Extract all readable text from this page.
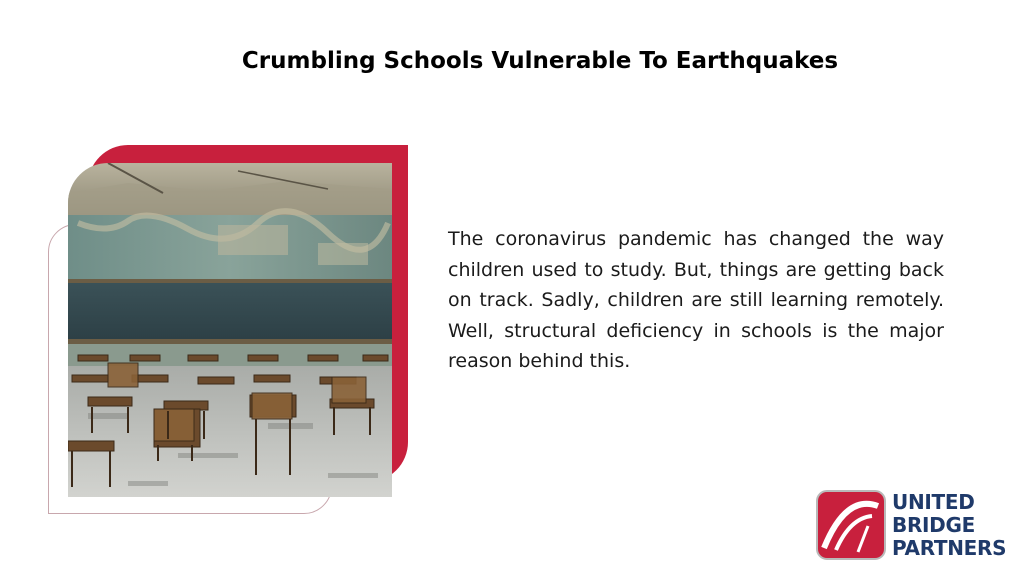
Crumbling Schools Vulnerable To Earthquakes
The coronavirus pandemic has changed the way children used to study. But, things are getting back on track. Sadly, children are still learning remotely. Well, structural deficiency in schools is the major reason behind this.
UNITED
BRIDGE
PARTNERS
